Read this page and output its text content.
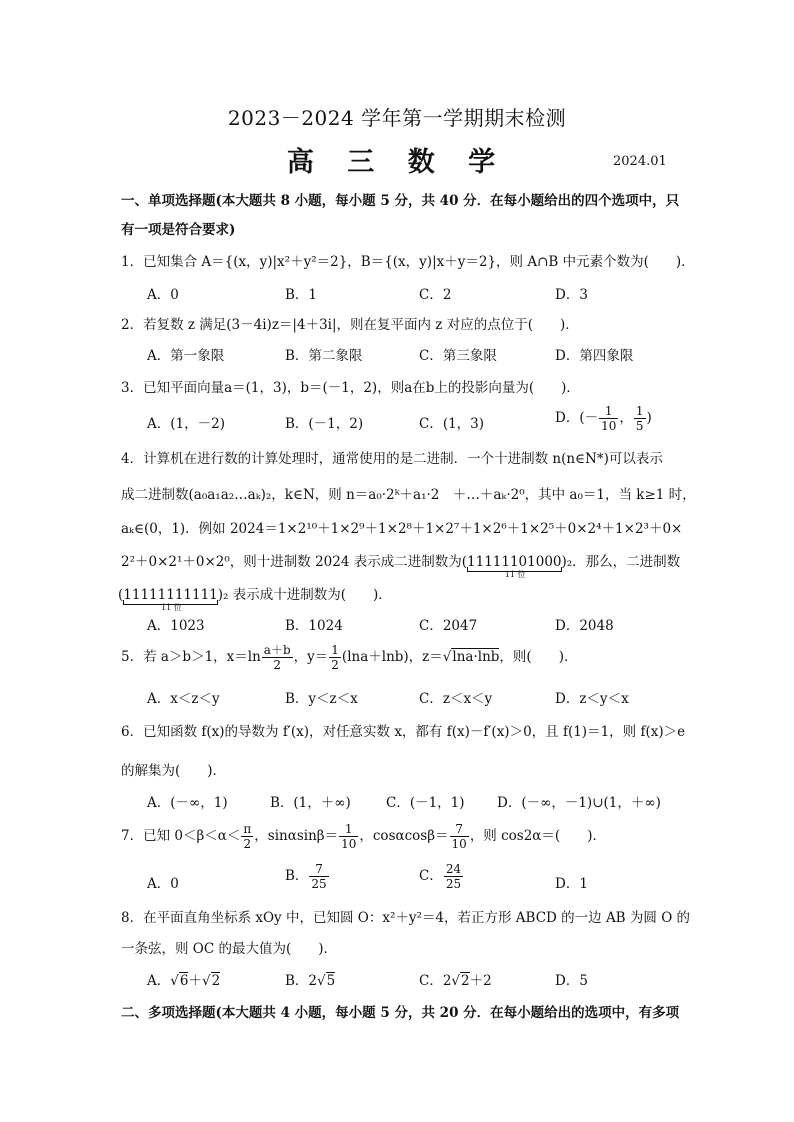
2023－2024 学年第一学期期末检测
高 三 数 学	2024.01
一、单项选择题(本大题共 8 小题，每小题 5 分，共 40 分．在每小题给出的四个选项中，只
有一项是符合要求)
1．已知集合 A＝{(x，y)|x²＋y²＝2}，B＝{(x，y)|x＋y＝2}，则 A∩B 中元素个数为(　　)．
A．0	B．1	C．2	D．3
2．若复数 z 满足(3－4i)z＝|4＋3i|，则在复平面内 z 对应的点位于(　　)．
A．第一象限	B．第二象限	C．第三象限	D．第四象限
3．已知平面向量a＝(1，3)，b＝(－1，2)，则a在b上的投影向量为(　　)．
A．(1，－2)	B．(－1，2)	C．(1，3)	D．(－ $\frac{1}{10}$ ， $\frac{1}{5}$ )
4．计算机在进行数的计算处理时，通常使用的是二进制．一个十进制数 n(n∈N*)可以表示
成二进制数(a₀a₁a₂…aₖ)₂，k∈N，则 n＝a₀·2ᵏ＋a₁·2　＋…＋aₖ·2⁰，其中 a₀＝1，当 k≥1 时，
aₖ∈(0，1)．例如 2024＝1×2¹⁰＋1×2⁹＋1×2⁸＋1×2⁷＋1×2⁶＋1×2⁵＋0×2⁴＋1×2³＋0×
2²＋0×2¹＋0×2⁰，则十进制数 2024 表示成二进制数为(11111101000
11 位
)₂．那么，二进制数
(11111111111
11 位
)₂ 表示成十进制数为(　　)．
A．1023	B．1024	C．2047	D．2048
5．若 a＞b＞1，$x=\ln \frac{a+b}{2}$ ，$y= \frac{1}{2} (\ln a+\ln b)$，z＝√lna·lnb，则(　　)．
A．x＜z＜y	B．y＜z＜x	C．z＜x＜y	D．z＜y＜x
6．已知函数 f(x)的导数为 f′(x)，对任意实数 x，都有 f(x)－f′(x)＞0，且 f(1)＝1，则 f(x)＞e
的解集为(　　)．
A．(－∞，1)	B．(1，＋∞)	C．(－1，1) D．(－∞，－1)∪(1，＋∞)
7．已知 $0<\beta<\alpha< \frac{\pi}{2}$ ，$\sin\alpha\sin\beta= \frac{1}{10}$ ，$\cos\alpha\cos\beta= \frac{7}{10}$ ，则 cos2α＝(　　)．
A．0	B． $\frac{7}{25}$	C． $\frac{24}{25}$	D．1
8．在平面直角坐标系 xOy 中，已知圆 O：x²＋y²＝4，若正方形 ABCD 的一边 AB 为圆 O 的
一条弦，则 OC 的最大值为(　　)．
A．√6＋√2	B．2√5	C．2√2＋2	D．5
二、多项选择题(本大题共 4 小题，每小题 5 分，共 20 分．在每小题给出的选项中，有多项
